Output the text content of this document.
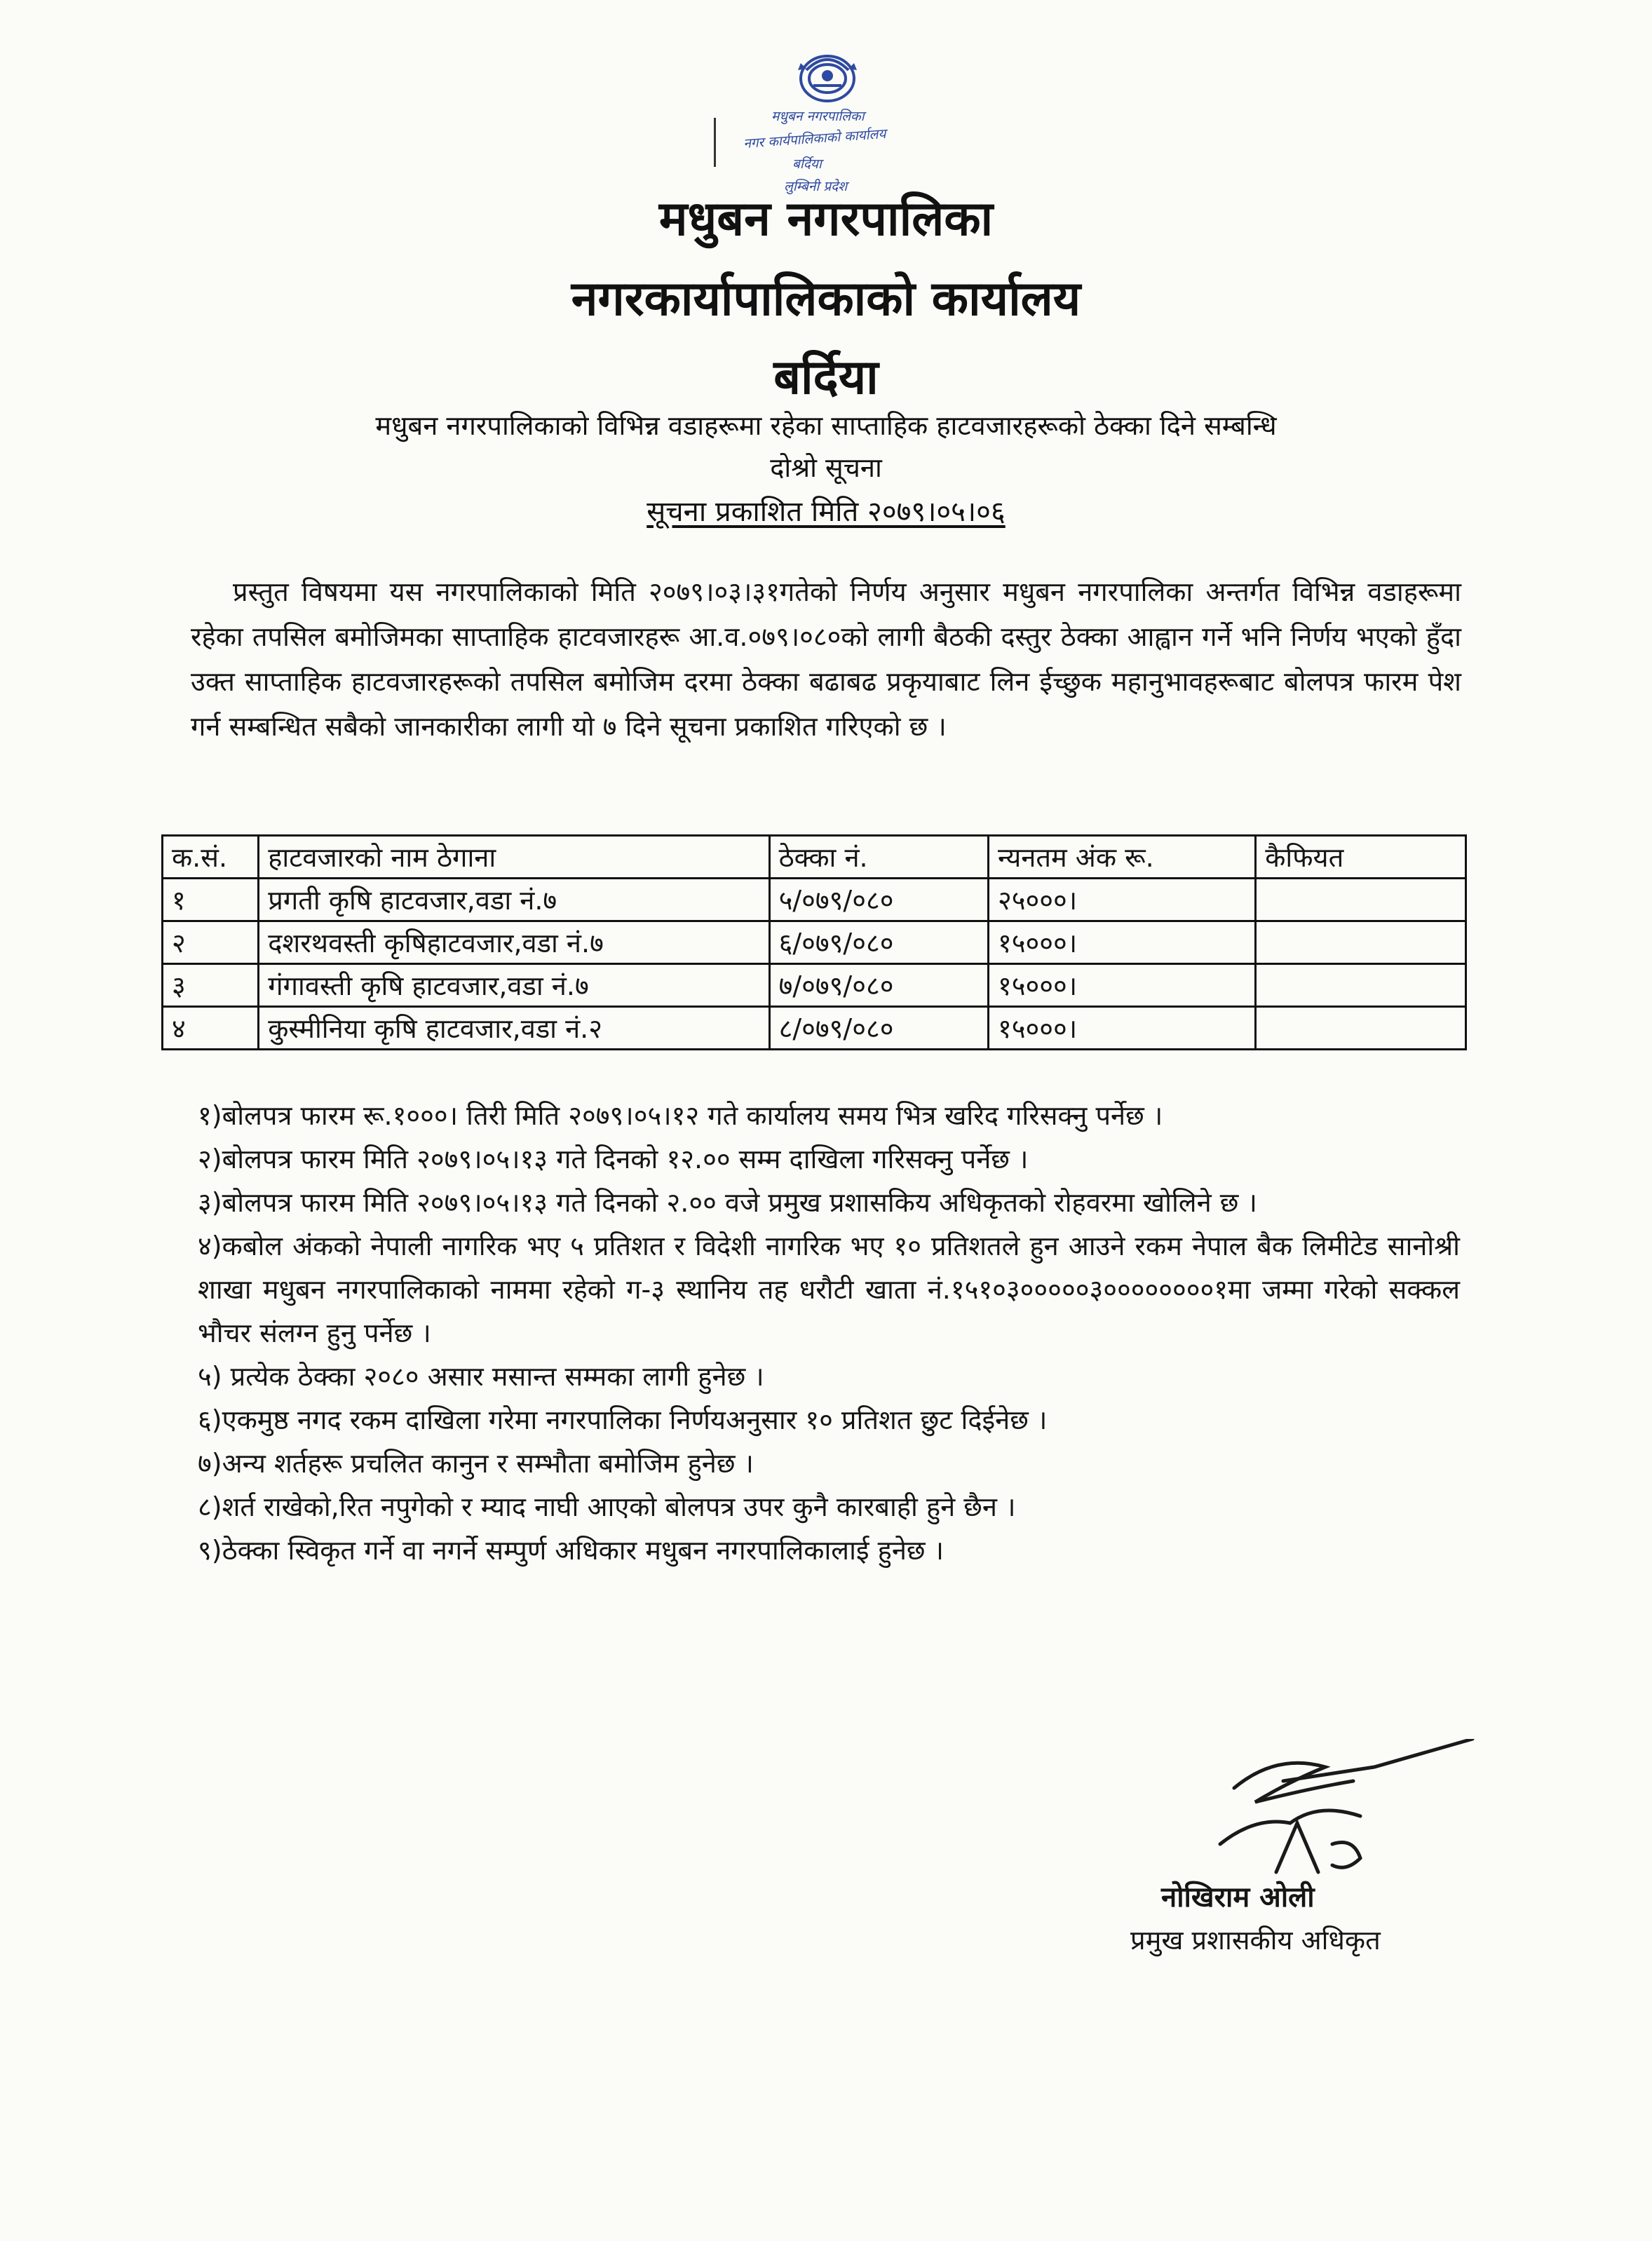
मधुबन नगरपालिका
नगर कार्यपालिकाको कार्यालय
बर्दिया
लुम्बिनी प्रदेश
मधुबन नगरपालिका
नगरकार्यापालिकाको कार्यालय
बर्दिया
मधुबन नगरपालिकाको विभिन्न वडाहरूमा रहेका साप्ताहिक हाटवजारहरूको ठेक्का दिने सम्बन्धि
दोश्रो सूचना
सूचना प्रकाशित मिति २०७९।०५।०६
प्रस्तुत विषयमा यस नगरपालिकाको मिति २०७९।०३।३१गतेको निर्णय अनुसार मधुबन नगरपालिका अन्तर्गत विभिन्न वडाहरूमा रहेका तपसिल बमोजिमका साप्ताहिक हाटवजारहरू आ.व.०७९।०८०को लागी बैठकी दस्तुर ठेक्का आह्वान गर्ने भनि निर्णय भएको हुँदा उक्त साप्ताहिक हाटवजारहरूको तपसिल बमोजिम दरमा ठेक्का बढाबढ प्रकृयाबाट लिन ईच्छुक महानुभावहरूबाट बोलपत्र फारम पेश गर्न सम्बन्धित सबैको जानकारीका लागी यो ७ दिने सूचना प्रकाशित गरिएको छ ।
क.सं.	हाटवजारको नाम ठेगाना	ठेक्का नं.	न्यनतम अंक रू.	कैफियत
१	प्रगती कृषि हाटवजार,वडा नं.७	५/०७९/०८०	२५०००।	
२	दशरथवस्ती कृषिहाटवजार,वडा नं.७	६/०७९/०८०	१५०००।	
३	गंगावस्ती कृषि हाटवजार,वडा नं.७	७/०७९/०८०	१५०००।	
४	कुस्मीनिया कृषि हाटवजार,वडा नं.२	८/०७९/०८०	१५०००।	
१)बोलपत्र फारम रू.१०००। तिरी मिति २०७९।०५।१२ गते कार्यालय समय भित्र खरिद गरिसक्नु पर्नेछ ।
२)बोलपत्र फारम मिति २०७९।०५।१३ गते दिनको १२.०० सम्म दाखिला गरिसक्नु पर्नेछ ।
३)बोलपत्र फारम मिति २०७९।०५।१३ गते दिनको २.०० वजे प्रमुख प्रशासकिय अधिकृतको रोहवरमा खोलिने छ ।
४)कबोल अंकको नेपाली नागरिक भए ५ प्रतिशत र विदेशी नागरिक भए १० प्रतिशतले हुन आउने रकम नेपाल बैक लिमीटेड सानोश्री शाखा मधुबन नगरपालिकाको नाममा रहेको ग-३ स्थानिय तह धरौटी खाता नं.१५१०३०००००३००००००००१मा जम्मा गरेको सक्कल भौचर संलग्न हुनु पर्नेछ ।
५) प्रत्येक ठेक्का २०८० असार मसान्त सम्मका लागी हुनेछ ।
६)एकमुष्ठ नगद रकम दाखिला गरेमा नगरपालिका निर्णयअनुसार १० प्रतिशत छुट दिईनेछ ।
७)अन्य शर्तहरू प्रचलित कानुन र सम्भौता बमोजिम हुनेछ ।
८)शर्त राखेको,रित नपुगेको र म्याद नाघी आएको बोलपत्र उपर कुनै कारबाही हुने छैन ।
९)ठेक्का स्विकृत गर्ने वा नगर्ने सम्पुर्ण अधिकार मधुबन नगरपालिकालाई हुनेछ ।
नोखिराम ओली
प्रमुख प्रशासकीय अधिकृत
